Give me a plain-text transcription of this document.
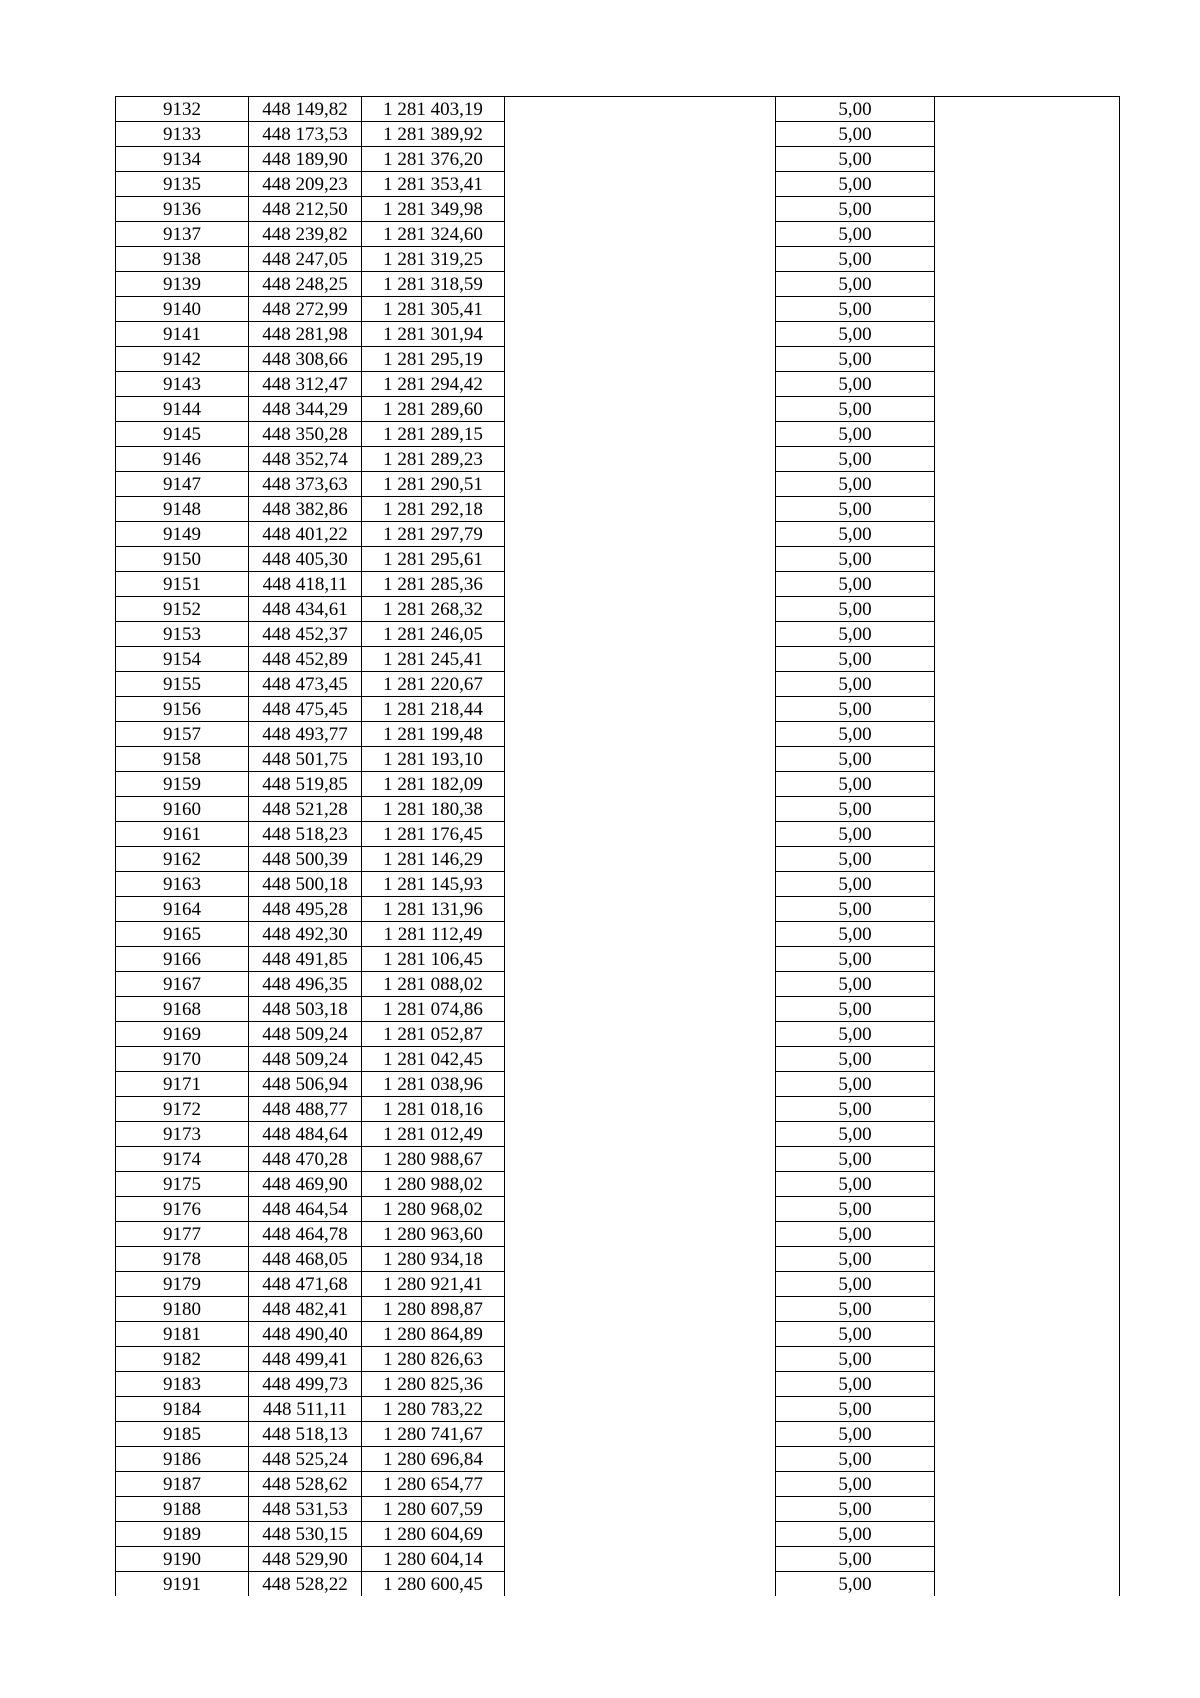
9132	448 149,82	1 281 403,19		5,00	
9133	448 173,53	1 281 389,92		5,00	
9134	448 189,90	1 281 376,20		5,00	
9135	448 209,23	1 281 353,41		5,00	
9136	448 212,50	1 281 349,98		5,00	
9137	448 239,82	1 281 324,60		5,00	
9138	448 247,05	1 281 319,25		5,00	
9139	448 248,25	1 281 318,59		5,00	
9140	448 272,99	1 281 305,41		5,00	
9141	448 281,98	1 281 301,94		5,00	
9142	448 308,66	1 281 295,19		5,00	
9143	448 312,47	1 281 294,42		5,00	
9144	448 344,29	1 281 289,60		5,00	
9145	448 350,28	1 281 289,15		5,00	
9146	448 352,74	1 281 289,23		5,00	
9147	448 373,63	1 281 290,51		5,00	
9148	448 382,86	1 281 292,18		5,00	
9149	448 401,22	1 281 297,79		5,00	
9150	448 405,30	1 281 295,61		5,00	
9151	448 418,11	1 281 285,36		5,00	
9152	448 434,61	1 281 268,32		5,00	
9153	448 452,37	1 281 246,05		5,00	
9154	448 452,89	1 281 245,41		5,00	
9155	448 473,45	1 281 220,67		5,00	
9156	448 475,45	1 281 218,44		5,00	
9157	448 493,77	1 281 199,48		5,00	
9158	448 501,75	1 281 193,10		5,00	
9159	448 519,85	1 281 182,09		5,00	
9160	448 521,28	1 281 180,38		5,00	
9161	448 518,23	1 281 176,45		5,00	
9162	448 500,39	1 281 146,29		5,00	
9163	448 500,18	1 281 145,93		5,00	
9164	448 495,28	1 281 131,96		5,00	
9165	448 492,30	1 281 112,49		5,00	
9166	448 491,85	1 281 106,45		5,00	
9167	448 496,35	1 281 088,02		5,00	
9168	448 503,18	1 281 074,86		5,00	
9169	448 509,24	1 281 052,87		5,00	
9170	448 509,24	1 281 042,45		5,00	
9171	448 506,94	1 281 038,96		5,00	
9172	448 488,77	1 281 018,16		5,00	
9173	448 484,64	1 281 012,49		5,00	
9174	448 470,28	1 280 988,67		5,00	
9175	448 469,90	1 280 988,02		5,00	
9176	448 464,54	1 280 968,02		5,00	
9177	448 464,78	1 280 963,60		5,00	
9178	448 468,05	1 280 934,18		5,00	
9179	448 471,68	1 280 921,41		5,00	
9180	448 482,41	1 280 898,87		5,00	
9181	448 490,40	1 280 864,89		5,00	
9182	448 499,41	1 280 826,63		5,00	
9183	448 499,73	1 280 825,36		5,00	
9184	448 511,11	1 280 783,22		5,00	
9185	448 518,13	1 280 741,67		5,00	
9186	448 525,24	1 280 696,84		5,00	
9187	448 528,62	1 280 654,77		5,00	
9188	448 531,53	1 280 607,59		5,00	
9189	448 530,15	1 280 604,69		5,00	
9190	448 529,90	1 280 604,14		5,00	
9191	448 528,22	1 280 600,45		5,00	
